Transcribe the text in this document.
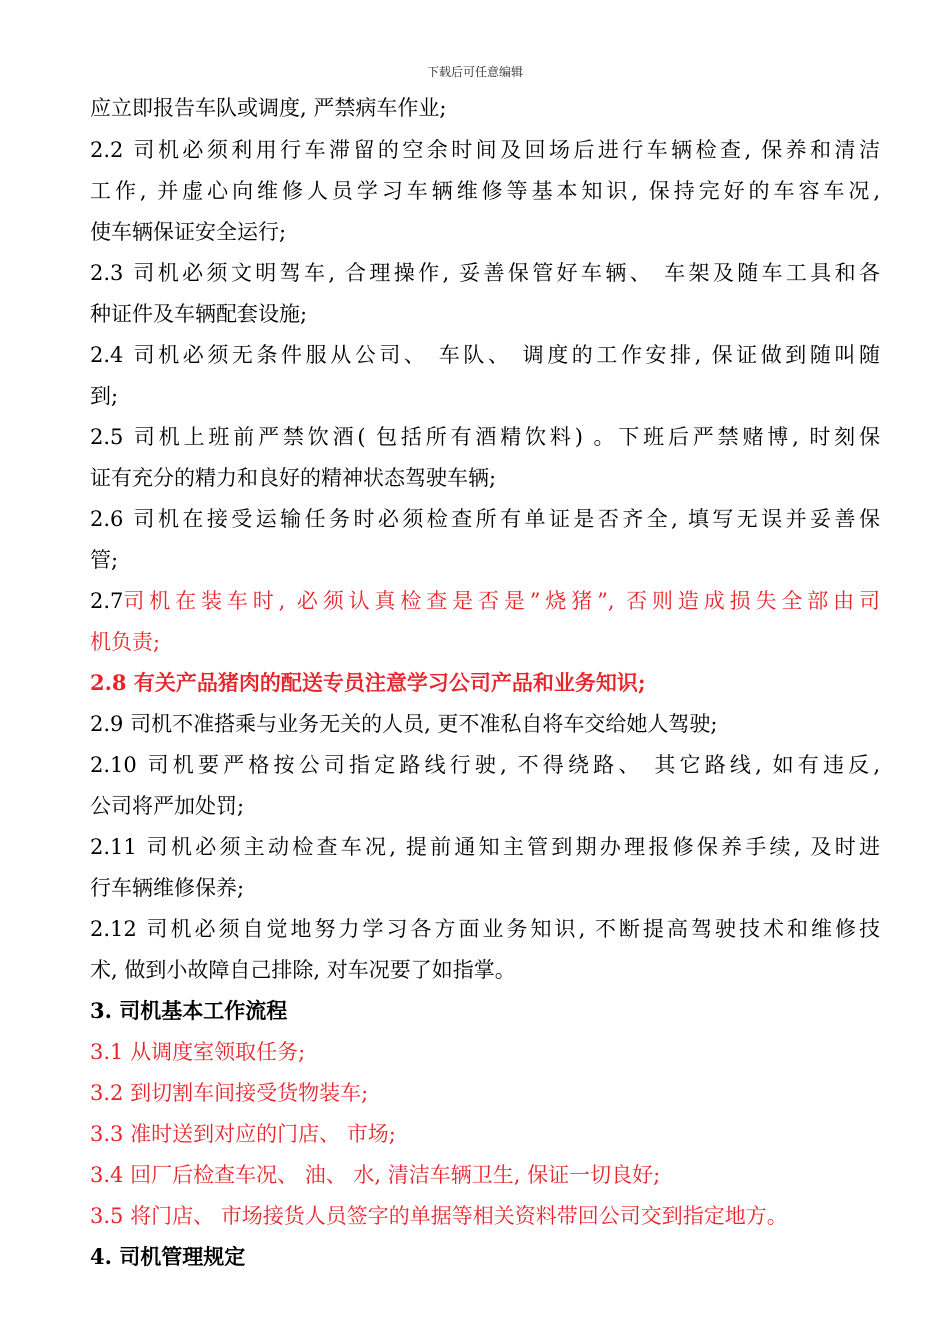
下载后可任意编辑
应立即报告车队或调度, 严禁病车作业;
2.2 司机必须利用行车滞留的空余时间及回场后进行车辆检查, 保养和清洁
工作, 并虚心向维修人员学习车辆维修等基本知识, 保持完好的车容车况,
使车辆保证安全运行;
2.3 司机必须文明驾车, 合理操作, 妥善保管好车辆、 车架及随车工具和各
种证件及车辆配套设施;
2.4 司机必须无条件服从公司、 车队、 调度的工作安排, 保证做到随叫随
到;
2.5 司机上班前严禁饮酒( 包括所有酒精饮料) 。下班后严禁赌博, 时刻保
证有充分的精力和良好的精神状态驾驶车辆;
2.6 司机在接受运输任务时必须检查所有单证是否齐全, 填写无误并妥善保
管;
2.7 司机在装车时, 必须认真检查是否是”烧猪”, 否则造成损失全部由司
机负责;
2.8 有关产品猪肉的配送专员注意学习公司产品和业务知识;
2.9 司机不准搭乘与业务无关的人员, 更不准私自将车交给她人驾驶;
2.10 司机要严格按公司指定路线行驶, 不得绕路、 其它路线, 如有违反,
公司将严加处罚;
2.11 司机必须主动检查车况, 提前通知主管到期办理报修保养手续, 及时进
行车辆维修保养;
2.12 司机必须自觉地努力学习各方面业务知识, 不断提高驾驶技术和维修技
术, 做到小故障自己排除, 对车况要了如指掌。
3. 司机基本工作流程
3.1 从调度室领取任务;
3.2 到切割车间接受货物装车;
3.3 准时送到对应的门店、 市场;
3.4 回厂后检查车况、 油、 水, 清洁车辆卫生, 保证一切良好;
3.5 将门店、 市场接货人员签字的单据等相关资料带回公司交到指定地方。
4. 司机管理规定
